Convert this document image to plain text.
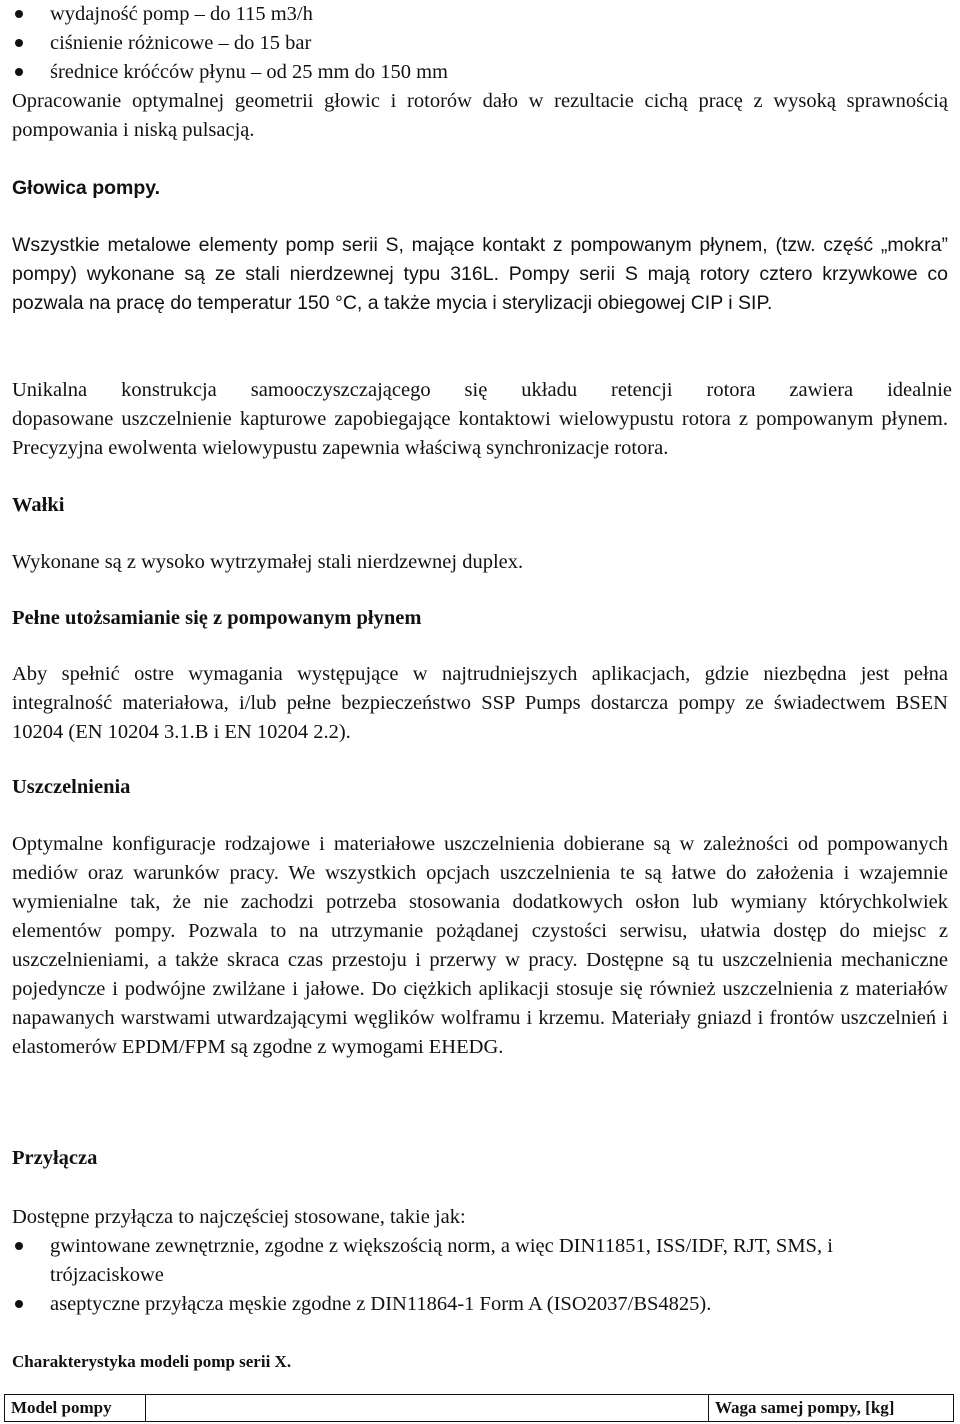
wydajność pomp – do 115 m3/h
ciśnienie różnicowe – do 15 bar
średnice króćców płynu – od 25 mm do 150 mm

Opracowanie optymalnej geometrii głowic i rotorów dało w rezultacie cichą pracę z wysoką sprawnością pompowania i niską pulsacją.

Głowica pompy.

Wszystkie metalowe elementy pomp serii S, mające kontakt z pompowanym płynem, (tzw. część „mokra” pompy) wykonane są ze stali nierdzewnej typu 316L. Pompy serii S mają rotory cztero krzywkowe co pozwala na pracę do temperatur 150 °C, a także mycia i sterylizacji obiegowej CIP i SIP.

Unikalna konstrukcja samooczyszczającego się układu retencji rotora zawiera idealnie

dopasowane uszczelnienie kapturowe zapobiegające kontaktowi wielowypustu rotora z pompowanym płynem. Precyzyjna ewolwenta wielowypustu zapewnia właściwą synchronizacje rotora.

Wałki

Wykonane są z wysoko wytrzymałej stali nierdzewnej duplex.

Pełne utożsamianie się z pompowanym płynem

Aby spełnić ostre wymagania występujące w najtrudniejszych aplikacjach, gdzie niezbędna jest pełna integralność materiałowa, i/lub pełne bezpieczeństwo SSP Pumps dostarcza pompy ze świadectwem BSEN 10204 (EN 10204 3.1.B i EN 10204 2.2).

Uszczelnienia

Optymalne konfiguracje rodzajowe i materiałowe uszczelnienia dobierane są w zależności od pompowanych mediów oraz warunków pracy. We wszystkich opcjach uszczelnienia te są łatwe do założenia i wzajemnie wymienialne tak, że nie zachodzi potrzeba stosowania dodatkowych osłon lub wymiany którychkolwiek elementów pompy. Pozwala to na utrzymanie pożądanej czystości serwisu, ułatwia dostęp do miejsc z uszczelnieniami, a także skraca czas przestoju i przerwy w pracy. Dostępne są tu uszczelnienia mechaniczne pojedyncze i podwójne zwilżane i jałowe. Do ciężkich aplikacji stosuje się również uszczelnienia z materiałów napawanych warstwami utwardzającymi węglików wolframu i krzemu. Materiały gniazd i frontów uszczelnień i elastomerów EPDM/FPM są zgodne z wymogami EHEDG.

Przyłącza

Dostępne przyłącza to najczęściej stosowane, takie jak:

gwintowane zewnętrznie, zgodne z większością norm, a więc DIN11851, ISS/IDF, RJT, SMS, i trójzaciskowe
aseptyczne przyłącza męskie zgodne z DIN11864-1 Form A (ISO2037/BS4825).

Charakterystyka modeli pomp serii X.

Model pompy		Waga samej pompy, [kg]
